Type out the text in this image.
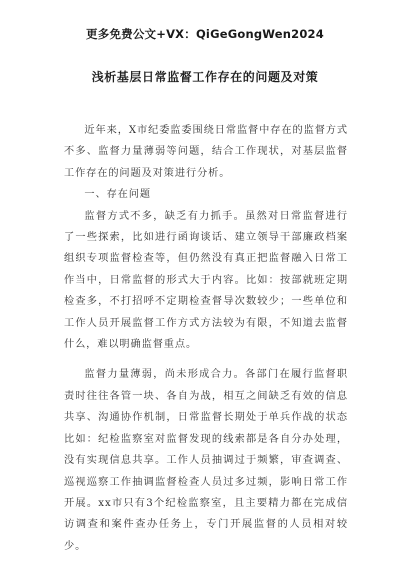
更多免费公文+VX：QiGeGongWen2024
浅析基层日常监督工作存在的问题及对策

近年来，X市纪委监委围绕日常监督中存在的监督方式不多、监督力量薄弱等问题，结合工作现状，对基层监督工作存在的问题及对策进行分析。

一、存在问题

监督方式不多，缺乏有力抓手。虽然对日常监督进行了一些探索，比如进行函询谈话、建立领导干部廉政档案组织专项监督检查等，但仍然没有真正把监督融入日常工作当中，日常监督的形式大于内容。比如：按部就班定期检查多，不打招呼不定期检查督导次数较少；一些单位和工作人员开展监督工作方式方法较为有限，不知道去监督什么，难以明确监督重点。

监督力量薄弱，尚未形成合力。各部门在履行监督职责时往往各管一块、各自为战，相互之间缺乏有效的信息共享、沟通协作机制，日常监督长期处于单兵作战的状态比如：纪检监察室对监督发现的线索都是各自分办处理，没有实现信息共享。工作人员抽调过于频繁，审查调查、巡视巡察工作抽调监督检查人员过多过频，影响日常工作开展。xx市只有3个纪检监察室，且主要精力都在完成信访调查和案件查办任务上，专门开展监督的人员相对较少。
